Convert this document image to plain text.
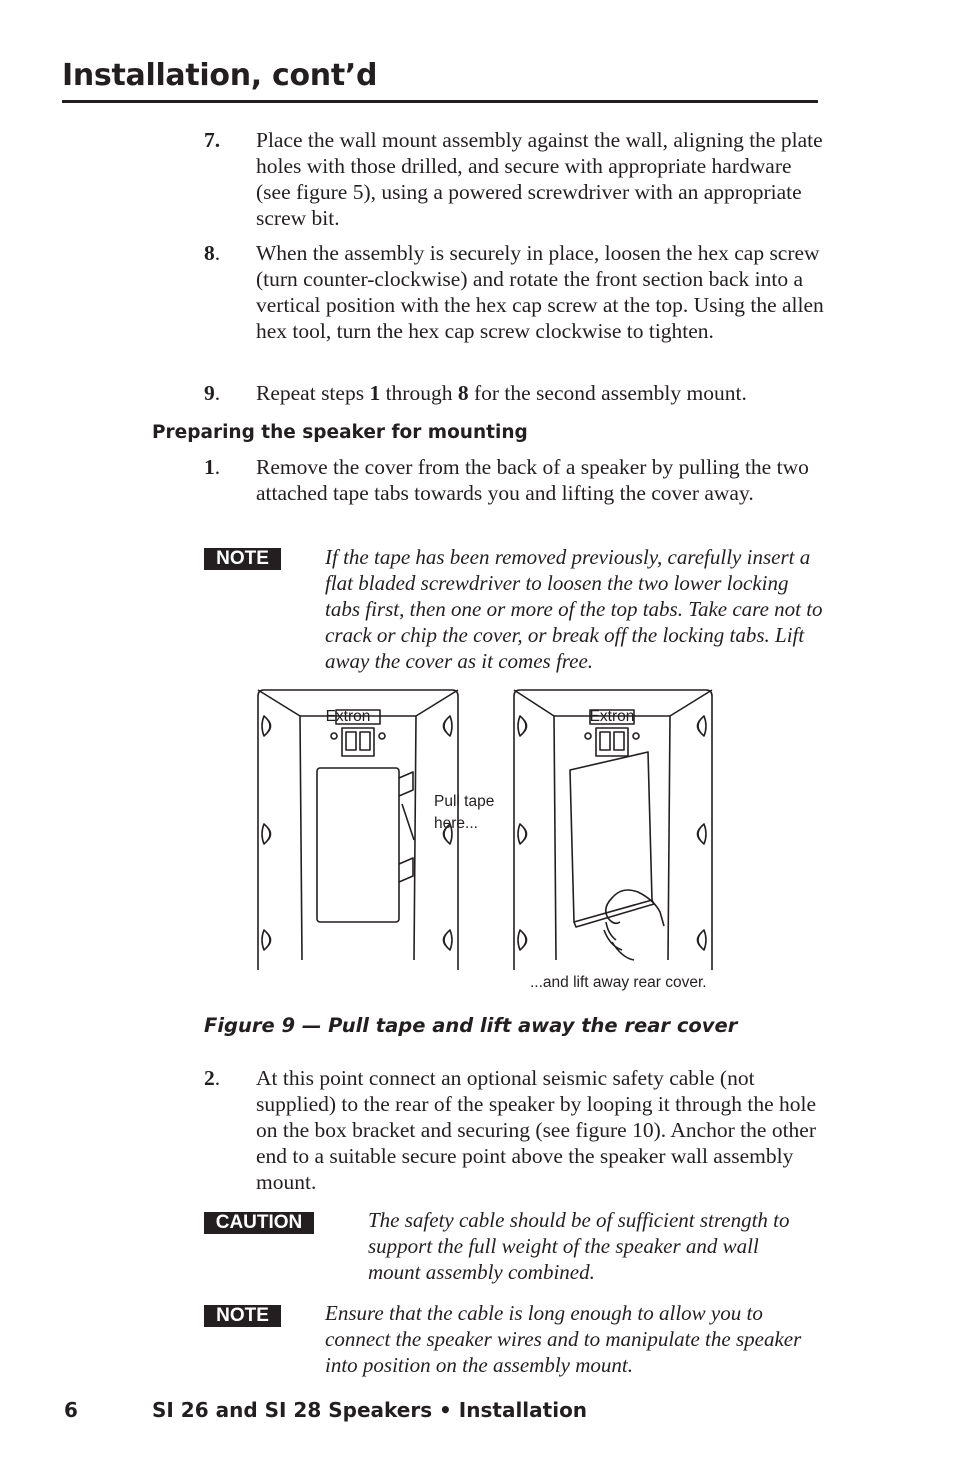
Installation, cont’d
7. Place the wall mount assembly against the wall, aligning the plate holes with those drilled, and secure with appropriate hardware (see figure 5), using a powered screwdriver with an appropriate screw bit.
8. When the assembly is securely in place, loosen the hex cap screw (turn counter-clockwise) and rotate the front section back into a vertical position with the hex cap screw at the top. Using the allen hex tool, turn the hex cap screw clockwise to tighten.
9. Repeat steps 1 through 8 for the second assembly mount.
Preparing the speaker for mounting
1. Remove the cover from the back of a speaker by pulling the two attached tape tabs towards you and lifting the cover away.
NOTE	If the tape has been removed previously, carefully insert a flat bladed screwdriver to loosen the two lower locking tabs first, then one or more of the top tabs. Take care not to crack or chip the cover, or break off the locking tabs. Lift away the cover as it comes free.
Extron	Extron
Pull tape
here...
...and lift away rear cover.
Figure 9 — Pull tape and lift away the rear cover
2. At this point connect an optional seismic safety cable (not supplied) to the rear of the speaker by looping it through the hole on the box bracket and securing (see figure 10). Anchor the other end to a suitable secure point above the speaker wall assembly mount.
CAUTION	The safety cable should be of sufficient strength to support the full weight of the speaker and wall mount assembly combined.
NOTE	Ensure that the cable is long enough to allow you to connect the speaker wires and to manipulate the speaker into position on the assembly mount.
6	SI 26 and SI 28 Speakers • Installation
